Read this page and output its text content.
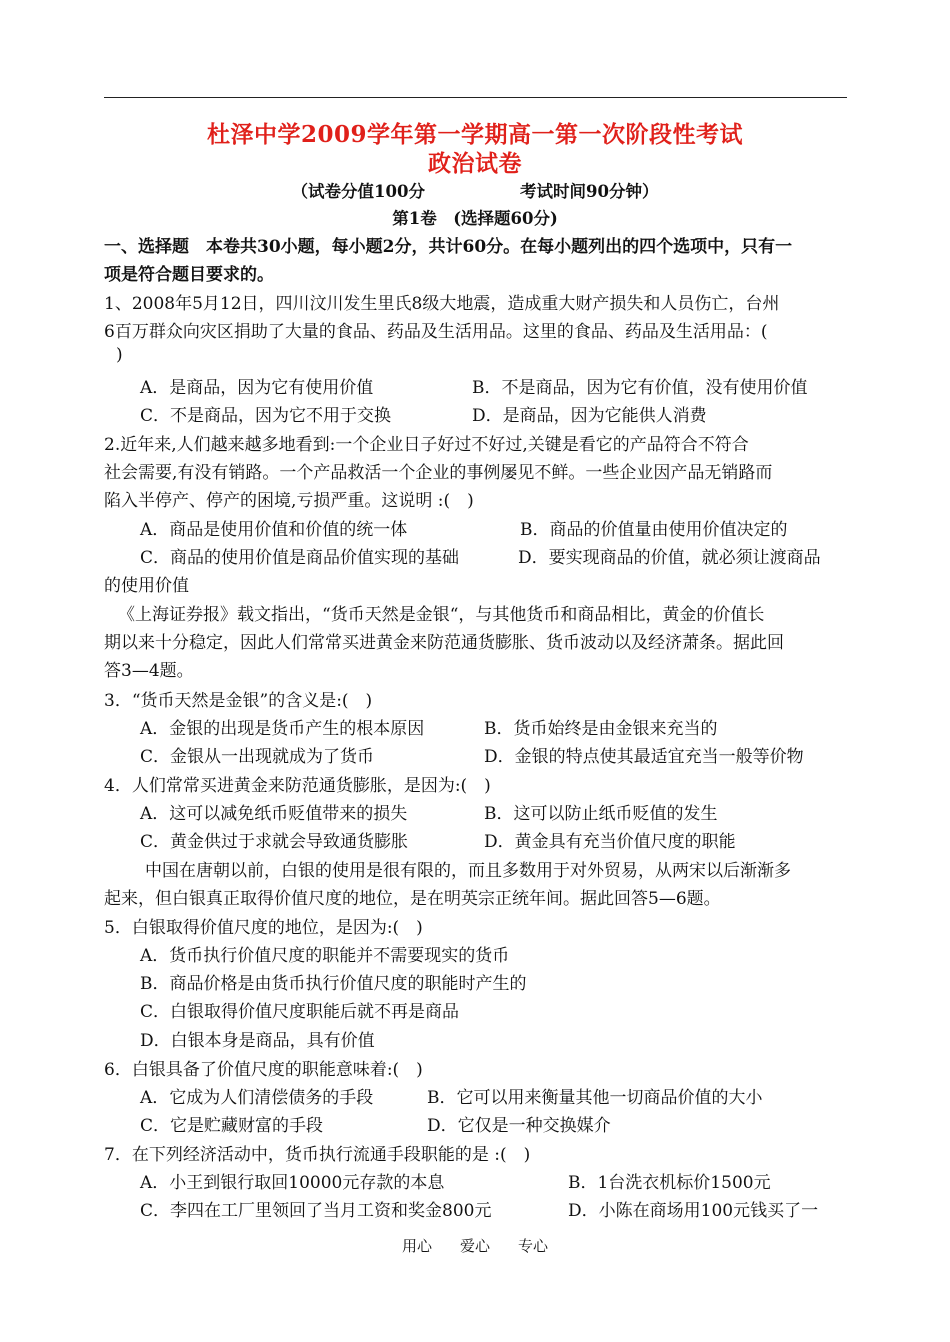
杜泽中学2009学年第一学期高一第一次阶段性考试
政治试卷
（试卷分值100分	考试时间90分钟）
第1卷　(选择题60分)
一、选择题　本卷共30小题，每小题2分，共计60分。在每小题列出的四个选项中，只有一
项是符合题目要求的。
1、2008年5月12日，四川汶川发生里氏8级大地震，造成重大财产损失和人员伤亡，台州
6百万群众向灾区捐助了大量的食品、药品及生活用品。这里的食品、药品及生活用品：(
)
A．是商品，因为它有使用价值	B．不是商品，因为它有价值，没有使用价值
C．不是商品，因为它不用于交换	D．是商品，因为它能供人消费
2.近年来,人们越来越多地看到:一个企业日子好过不好过,关键是看它的产品符合不符合
社会需要,有没有销路。一个产品救活一个企业的事例屡见不鲜。一些企业因产品无销路而
陷入半停产、停产的困境,亏损严重。这说明 :(　)
A．商品是使用价值和价值的统一体	B．商品的价值量由使用价值决定的
C．商品的使用价值是商品价值实现的基础	D．要实现商品的价值，就必须让渡商品
的使用价值
《上海证券报》载文指出，“货币天然是金银“，与其他货币和商品相比，黄金的价值长
期以来十分稳定，因此人们常常买进黄金来防范通货膨胀、货币波动以及经济萧条。据此回
答3—4题。
3．“货币天然是金银”的含义是:(　)
A．金银的出现是货币产生的根本原因	B．货币始终是由金银来充当的
C．金银从一出现就成为了货币	D．金银的特点使其最适宜充当一般等价物
4．人们常常买进黄金来防范通货膨胀，是因为:(　)
A．这可以减免纸币贬值带来的损失	B．这可以防止纸币贬值的发生
C．黄金供过于求就会导致通货膨胀	D．黄金具有充当价值尺度的职能
中国在唐朝以前，白银的使用是很有限的，而且多数用于对外贸易，从两宋以后渐渐多
起来，但白银真正取得价值尺度的地位，是在明英宗正统年间。据此回答5—6题。
5．白银取得价值尺度的地位，是因为:(　)
A．货币执行价值尺度的职能并不需要现实的货币
B．商品价格是由货币执行价值尺度的职能时产生的
C．白银取得价值尺度职能后就不再是商品
D．白银本身是商品，具有价值
6．白银具备了价值尺度的职能意味着:(　)
A．它成为人们清偿债务的手段	B．它可以用来衡量其他一切商品价值的大小
C．它是贮藏财富的手段	D．它仅是一种交换媒介
7．在下列经济活动中，货币执行流通手段职能的是 :(　)
A．小王到银行取回10000元存款的本息	B．1台洗衣机标价1500元
C．李四在工厂里领回了当月工资和奖金800元	D．小陈在商场用100元钱买了一
用心 爱心 专心
